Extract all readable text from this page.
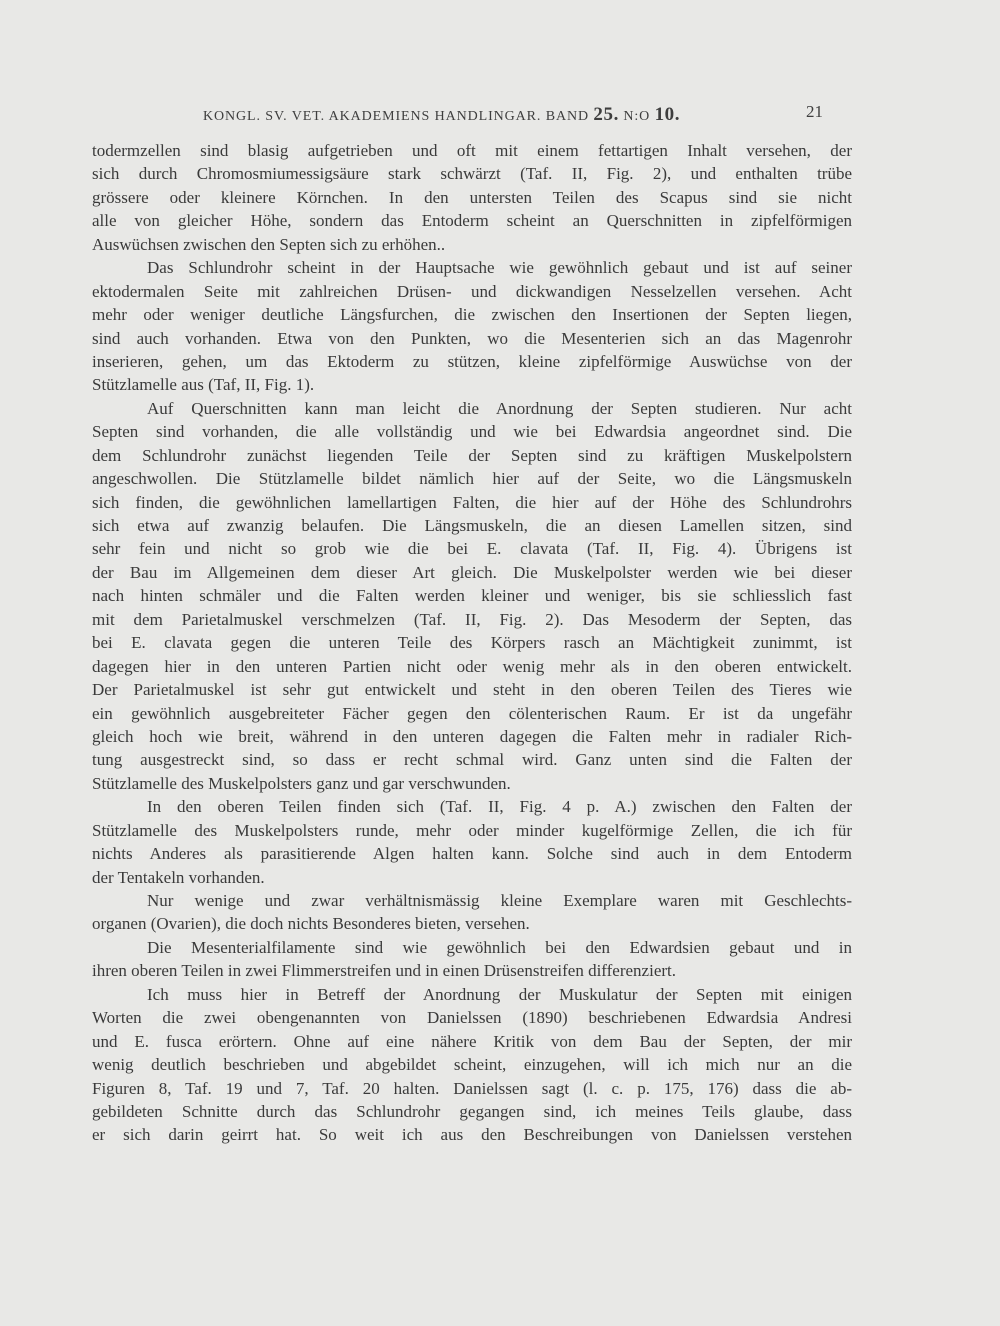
KONGL. SV. VET. AKADEMIENS HANDLINGAR. BAND 25. N:O 10.	21
todermzellen sind blasig aufgetrieben und oft mit einem fettartigen Inhalt versehen, der
sich durch Chromosmiumessigsäure stark schwärzt (Taf. II, Fig. 2), und enthalten trübe
grössere oder kleinere Körnchen. In den untersten Teilen des Scapus sind sie nicht
alle von gleicher Höhe, sondern das Entoderm scheint an Querschnitten in zipfelförmigen
Auswüchsen zwischen den Septen sich zu erhöhen..
Das Schlundrohr scheint in der Hauptsache wie gewöhnlich gebaut und ist auf seiner
ektodermalen Seite mit zahlreichen Drüsen- und dickwandigen Nesselzellen versehen. Acht
mehr oder weniger deutliche Längsfurchen, die zwischen den Insertionen der Septen liegen,
sind auch vorhanden. Etwa von den Punkten, wo die Mesenterien sich an das Magenrohr
inserieren, gehen, um das Ektoderm zu stützen, kleine zipfelförmige Auswüchse von der
Stützlamelle aus (Taf, II, Fig. 1).
Auf Querschnitten kann man leicht die Anordnung der Septen studieren. Nur acht
Septen sind vorhanden, die alle vollständig und wie bei Edwardsia angeordnet sind. Die
dem Schlundrohr zunächst liegenden Teile der Septen sind zu kräftigen Muskelpolstern
angeschwollen. Die Stützlamelle bildet nämlich hier auf der Seite, wo die Längsmuskeln
sich finden, die gewöhnlichen lamellartigen Falten, die hier auf der Höhe des Schlundrohrs
sich etwa auf zwanzig belaufen. Die Längsmuskeln, die an diesen Lamellen sitzen, sind
sehr fein und nicht so grob wie die bei E. clavata (Taf. II, Fig. 4). Übrigens ist
der Bau im Allgemeinen dem dieser Art gleich. Die Muskelpolster werden wie bei dieser
nach hinten schmäler und die Falten werden kleiner und weniger, bis sie schliesslich fast
mit dem Parietalmuskel verschmelzen (Taf. II, Fig. 2). Das Mesoderm der Septen, das
bei E. clavata gegen die unteren Teile des Körpers rasch an Mächtigkeit zunimmt, ist
dagegen hier in den unteren Partien nicht oder wenig mehr als in den oberen entwickelt.
Der Parietalmuskel ist sehr gut entwickelt und steht in den oberen Teilen des Tieres wie
ein gewöhnlich ausgebreiteter Fächer gegen den cölenterischen Raum. Er ist da ungefähr
gleich hoch wie breit, während in den unteren dagegen die Falten mehr in radialer Rich-
tung ausgestreckt sind, so dass er recht schmal wird. Ganz unten sind die Falten der
Stützlamelle des Muskelpolsters ganz und gar verschwunden.
In den oberen Teilen finden sich (Taf. II, Fig. 4 p. A.) zwischen den Falten der
Stützlamelle des Muskelpolsters runde, mehr oder minder kugelförmige Zellen, die ich für
nichts Anderes als parasitierende Algen halten kann. Solche sind auch in dem Entoderm
der Tentakeln vorhanden.
Nur wenige und zwar verhältnismässig kleine Exemplare waren mit Geschlechts-
organen (Ovarien), die doch nichts Besonderes bieten, versehen.
Die Mesenterialfilamente sind wie gewöhnlich bei den Edwardsien gebaut und in
ihren oberen Teilen in zwei Flimmerstreifen und in einen Drüsenstreifen differenziert.
Ich muss hier in Betreff der Anordnung der Muskulatur der Septen mit einigen
Worten die zwei obengenannten von Danielssen (1890) beschriebenen Edwardsia Andresi
und E. fusca erörtern. Ohne auf eine nähere Kritik von dem Bau der Septen, der mir
wenig deutlich beschrieben und abgebildet scheint, einzugehen, will ich mich nur an die
Figuren 8, Taf. 19 und 7, Taf. 20 halten. Danielssen sagt (l. c. p. 175, 176) dass die ab-
gebildeten Schnitte durch das Schlundrohr gegangen sind, ich meines Teils glaube, dass
er sich darin geirrt hat. So weit ich aus den Beschreibungen von Danielssen verstehen
